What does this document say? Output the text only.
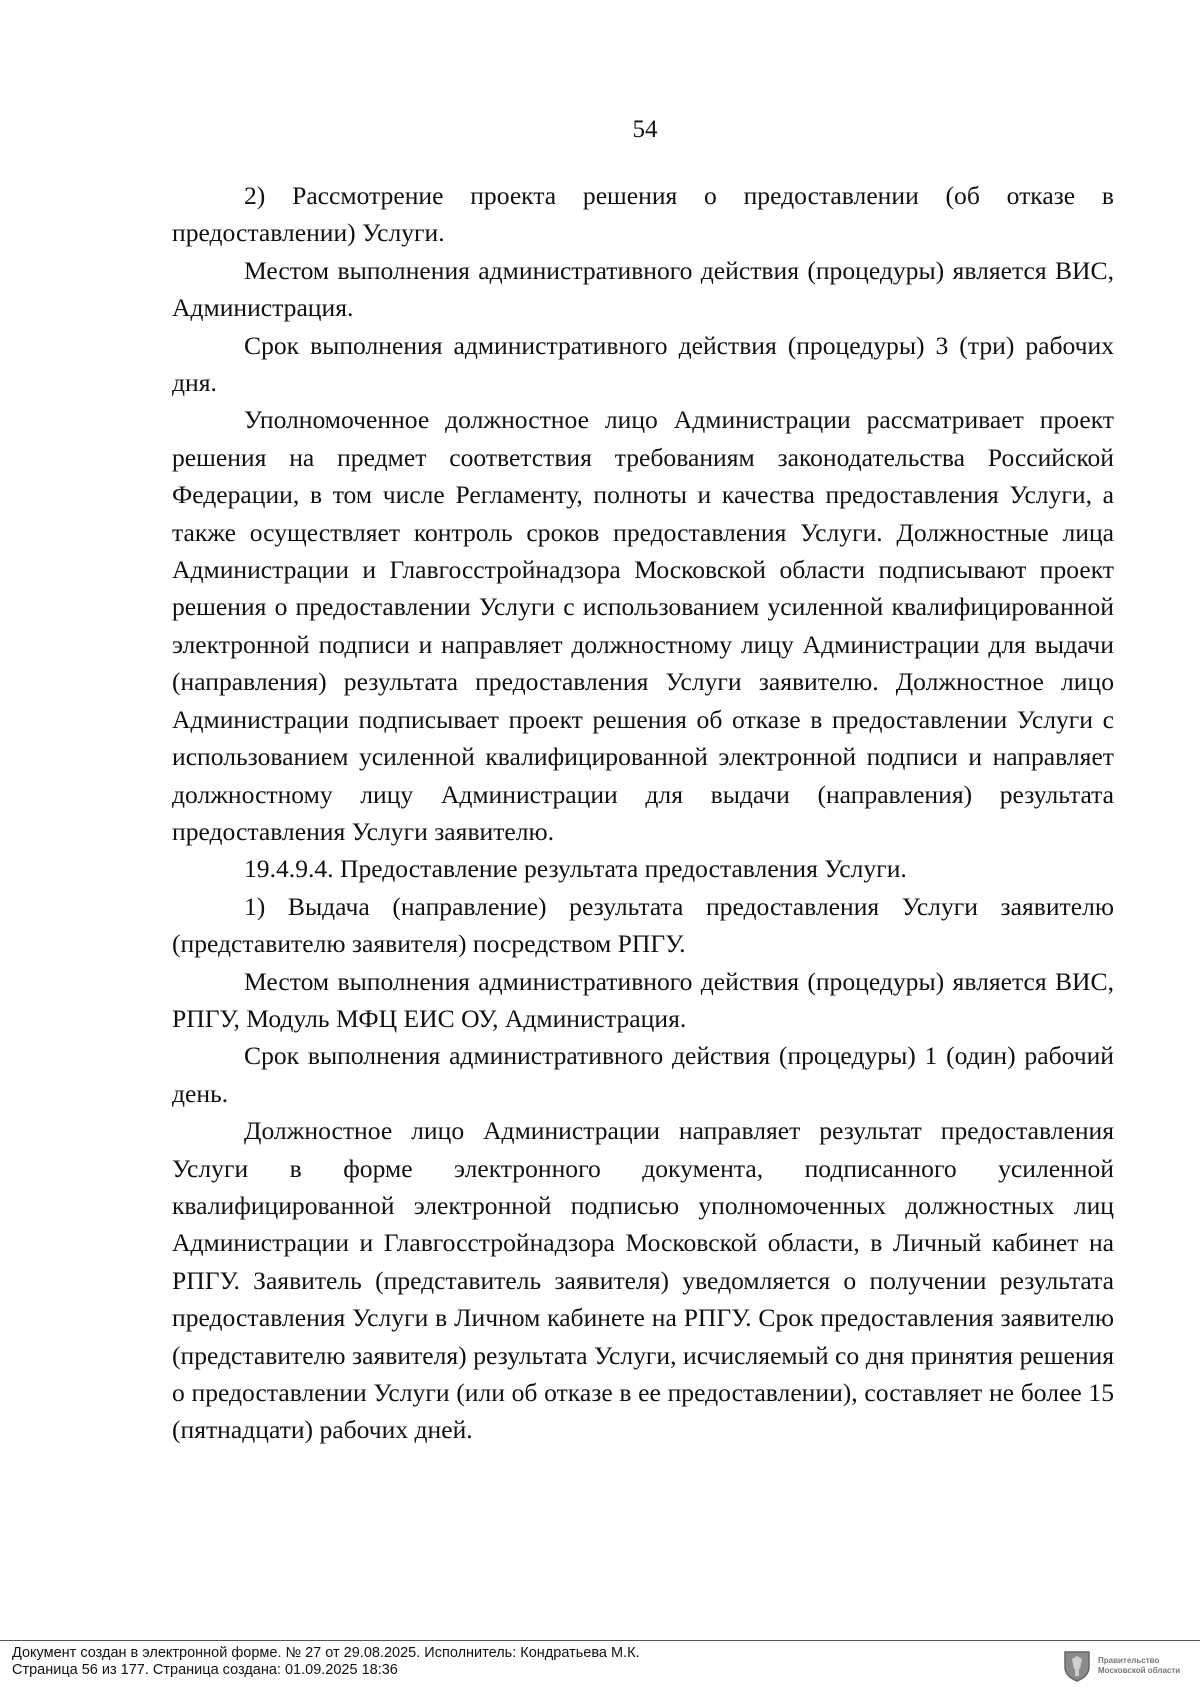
54

2) Рассмотрение проекта решения о предоставлении (об отказе в предоставлении) Услуги.

Местом выполнения административного действия (процедуры) является ВИС, Администрация.

Срок выполнения административного действия (процедуры) 3 (три) рабочих дня.

Уполномоченное должностное лицо Администрации рассматривает проект решения на предмет соответствия требованиям законодательства Российской Федерации, в том числе Регламенту, полноты и качества предоставления Услуги, а также осуществляет контроль сроков предоставления Услуги. Должностные лица Администрации и Главгосстройнадзора Московской области подписывают проект решения о предоставлении Услуги с использованием усиленной квалифицированной электронной подписи и направляет должностному лицу Администрации для выдачи (направления) результата предоставления Услуги заявителю. Должностное лицо Администрации подписывает проект решения об отказе в предоставлении Услуги с использованием усиленной квалифицированной электронной подписи и направляет должностному лицу Администрации для выдачи (направления) результата предоставления Услуги заявителю.

19.4.9.4. Предоставление результата предоставления Услуги.

1) Выдача (направление) результата предоставления Услуги заявителю (представителю заявителя) посредством РПГУ.

Местом выполнения административного действия (процедуры) является ВИС, РПГУ, Модуль МФЦ ЕИС ОУ, Администрация.

Срок выполнения административного действия (процедуры) 1 (один) рабочий день.

Должностное лицо Администрации направляет результат предоставления Услуги в форме электронного документа, подписанного усиленной квалифицированной электронной подписью уполномоченных должностных лиц Администрации и Главгосстройнадзора Московской области, в Личный кабинет на РПГУ. Заявитель (представитель заявителя) уведомляется о получении результата предоставления Услуги в Личном кабинете на РПГУ. Срок предоставления заявителю (представителю заявителя) результата Услуги, исчисляемый со дня принятия решения о предоставлении Услуги (или об отказе в ее предоставлении), составляет не более 15 (пятнадцати) рабочих дней.

Документ создан в электронной форме. № 27 от 29.08.2025. Исполнитель: Кондратьева М.К.
Страница 56 из 177. Страница создана: 01.09.2025 18:36
Правительство
Московской области
